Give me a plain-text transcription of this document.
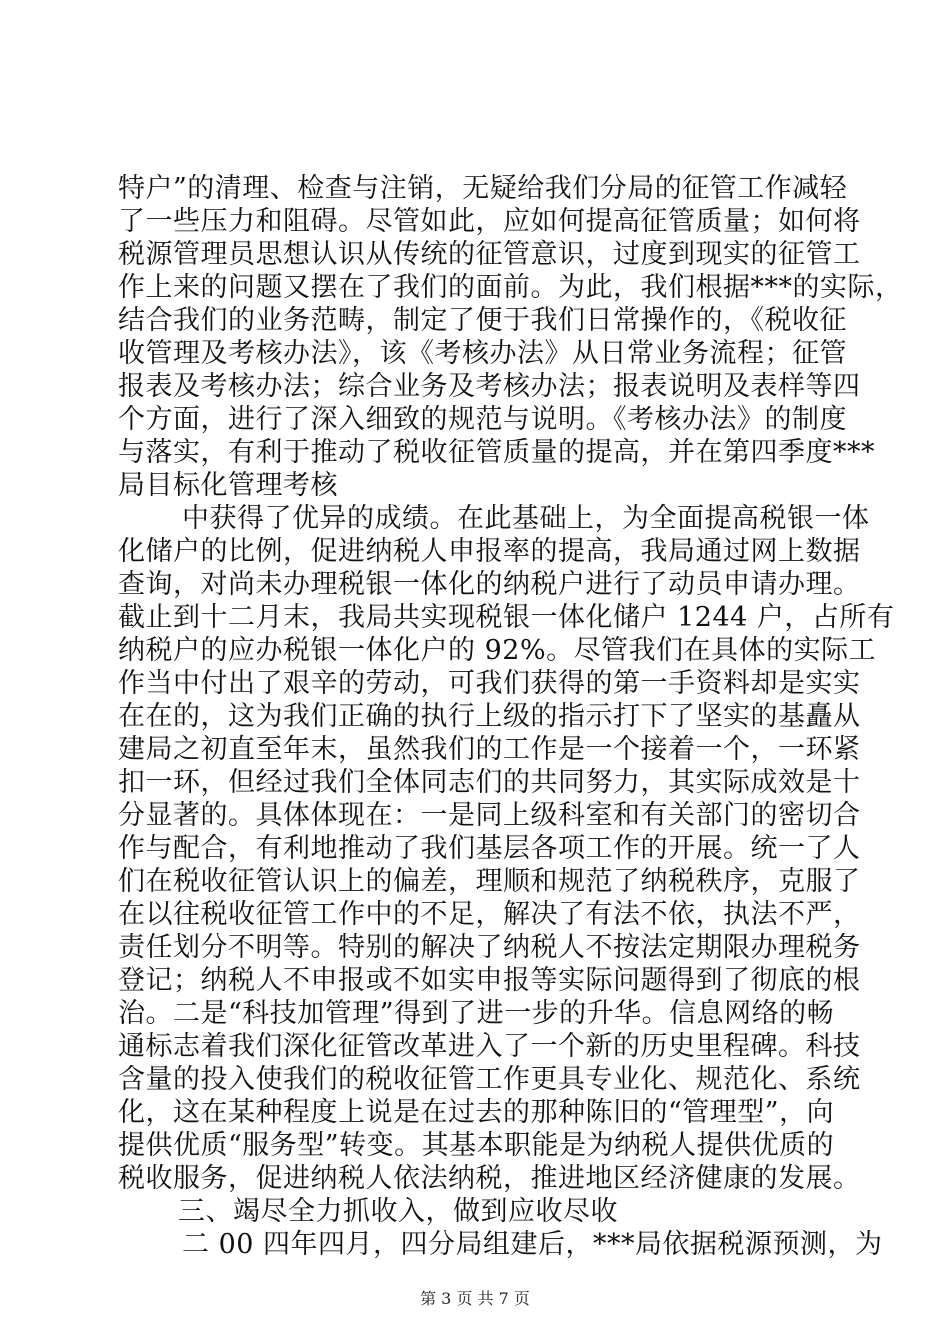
特户”的清理、检查与注销，无疑给我们分局的征管工作减轻
了一些压力和阻碍。尽管如此，应如何提高征管质量；如何将
税源管理员思想认识从传统的征管意识，过度到现实的征管工
作上来的问题又摆在了我们的面前。为此，我们根据***的实际，
结合我们的业务范畴，制定了便于我们日常操作的，《税收征
收管理及考核办法》，该《考核办法》从日常业务流程；征管
报表及考核办法；综合业务及考核办法；报表说明及表样等四
个方面，进行了深入细致的规范与说明。《考核办法》的制度
与落实，有利于推动了税收征管质量的提高，并在第四季度***
局目标化管理考核
中获得了优异的成绩。在此基础上，为全面提高税银一体
化储户的比例，促进纳税人申报率的提高，我局通过网上数据
查询，对尚未办理税银一体化的纳税户进行了动员申请办理。
截止到十二月末，我局共实现税银一体化储户 1244 户，占所有
纳税户的应办税银一体化户的 92%。尽管我们在具体的实际工
作当中付出了艰辛的劳动，可我们获得的第一手资料却是实实
在在的，这为我们正确的执行上级的指示打下了坚实的基矗从
建局之初直至年末，虽然我们的工作是一个接着一个，一环紧
扣一环，但经过我们全体同志们的共同努力，其实际成效是十
分显著的。具体体现在：一是同上级科室和有关部门的密切合
作与配合，有利地推动了我们基层各项工作的开展。统一了人
们在税收征管认识上的偏差，理顺和规范了纳税秩序，克服了
在以往税收征管工作中的不足，解决了有法不依，执法不严，
责任划分不明等。特别的解决了纳税人不按法定期限办理税务
登记；纳税人不申报或不如实申报等实际问题得到了彻底的根
治。二是“科技加管理”得到了进一步的升华。信息网络的畅
通标志着我们深化征管改革进入了一个新的历史里程碑。科技
含量的投入使我们的税收征管工作更具专业化、规范化、系统
化，这在某种程度上说是在过去的那种陈旧的“管理型”，向
提供优质“服务型”转变。其基本职能是为纳税人提供优质的
税收服务，促进纳税人依法纳税，推进地区经济健康的发展。
三、竭尽全力抓收入，做到应收尽收
二 00 四年四月，四分局组建后，***局依据税源预测，为
第 3 页 共 7 页
